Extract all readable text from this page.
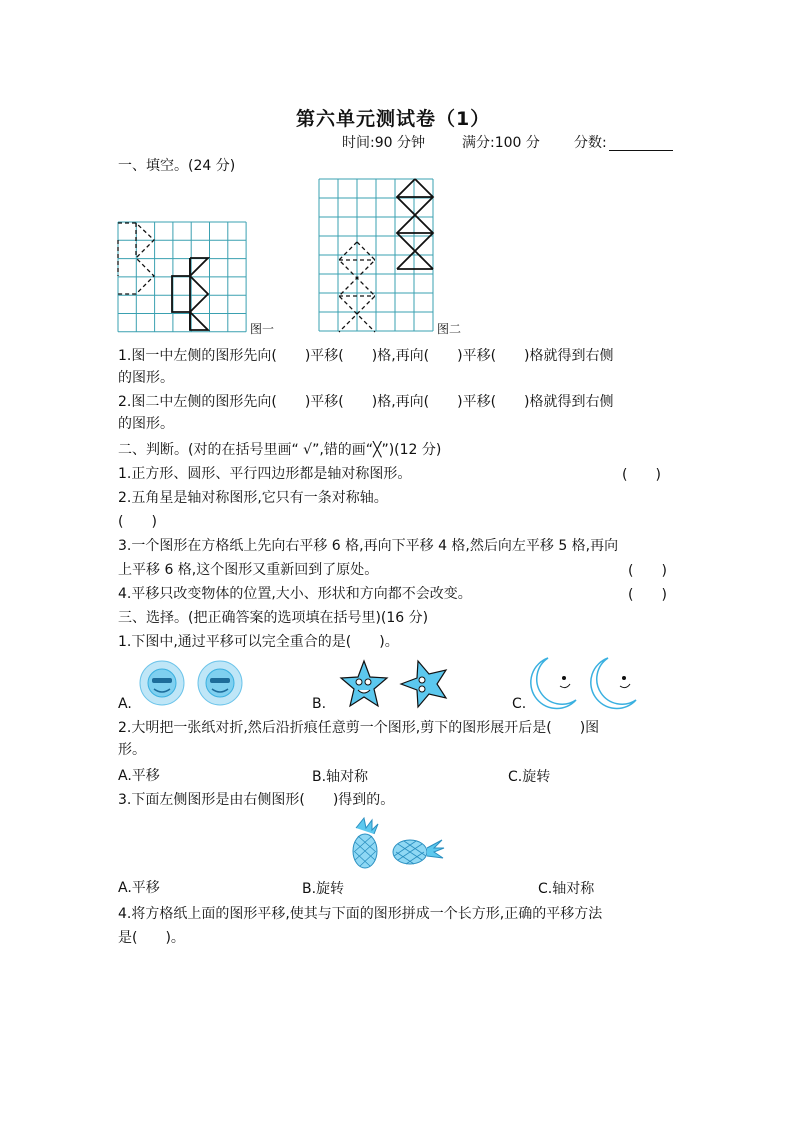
第六单元测试卷（1）
时间:90 分钟	满分:100 分 分数:
一、填空。(24 分)
图一	图二
1.图一中左侧的图形先向(　　)平移(　　)格,再向(　　)平移(　　)格就得到右侧
的图形。
2.图二中左侧的图形先向(　　)平移(　　)格,再向(　　)平移(　　)格就得到右侧
的图形。
二、判断。(对的在括号里画“ √”,错的画“╳”)(12 分)
1.正方形、圆形、平行四边形都是轴对称图形。	(　　)
2.五角星是轴对称图形,它只有一条对称轴。
(　　)
3.一个图形在方格纸上先向右平移 6 格,再向下平移 4 格,然后向左平移 5 格,再向
上平移 6 格,这个图形又重新回到了原处。	(　　)
4.平移只改变物体的位置,大小、形状和方向都不会改变。	(　　)
三、选择。(把正确答案的选项填在括号里)(16 分)
1.下图中,通过平移可以完全重合的是(　　)。
A.	B.	C.
2.大明把一张纸对折,然后沿折痕任意剪一个图形,剪下的图形展开后是(　　)图
形。
A.平移	B.轴对称	C.旋转
3.下面左侧图形是由右侧图形(　　)得到的。
A.平移	B.旋转	C.轴对称
4.将方格纸上面的图形平移,使其与下面的图形拼成一个长方形,正确的平移方法
是(　　)。
